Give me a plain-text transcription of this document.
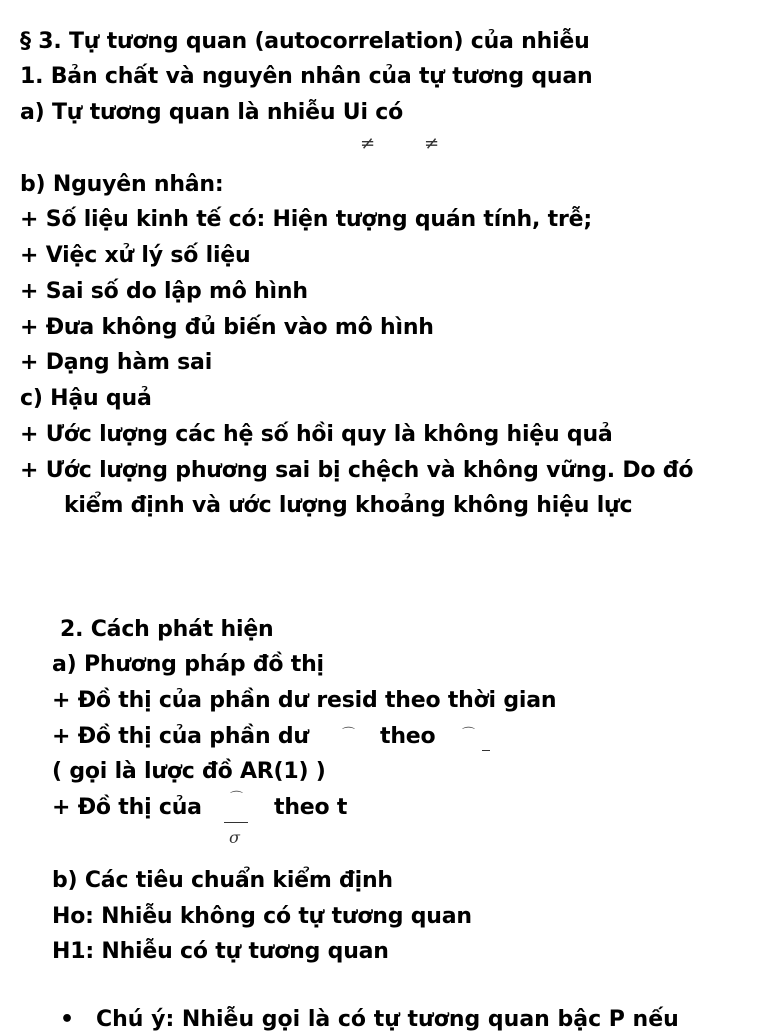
§ 3. Tự tương quan (autocorrelation) của nhiễu
1. Bản chất và nguyên nhân của tự tương quan
a) Tự tương quan là nhiễu Ui có
≠	≠
b) Nguyên nhân:
+ Số liệu kinh tế có: Hiện tượng quán tính, trễ;
+ Việc xử lý số liệu
+ Sai số do lập mô hình
+ Đưa không đủ biến vào mô hình
+ Dạng hàm sai
c) Hậu quả
+ Ước lượng các hệ số hồi quy là không hiệu quả
+ Ước lượng phương sai bị chệch và không vững. Do đó
kiểm định và ước lượng khoảng không hiệu lực
2. Cách phát hiện
a) Phương pháp đồ thị
+ Đồ thị của phần dư resid theo thời gian
+ Đồ thị của phần dư	⌒ theo ⌒
( gọi là lược đồ AR(1) )
+ Đồ thị của ⌒
σ
theo t
b) Các tiêu chuẩn kiểm định
Ho: Nhiễu không có tự tương quan
H1: Nhiễu có tự tương quan
• Chú ý: Nhiễu gọi là có tự tương quan bậc P nếu
